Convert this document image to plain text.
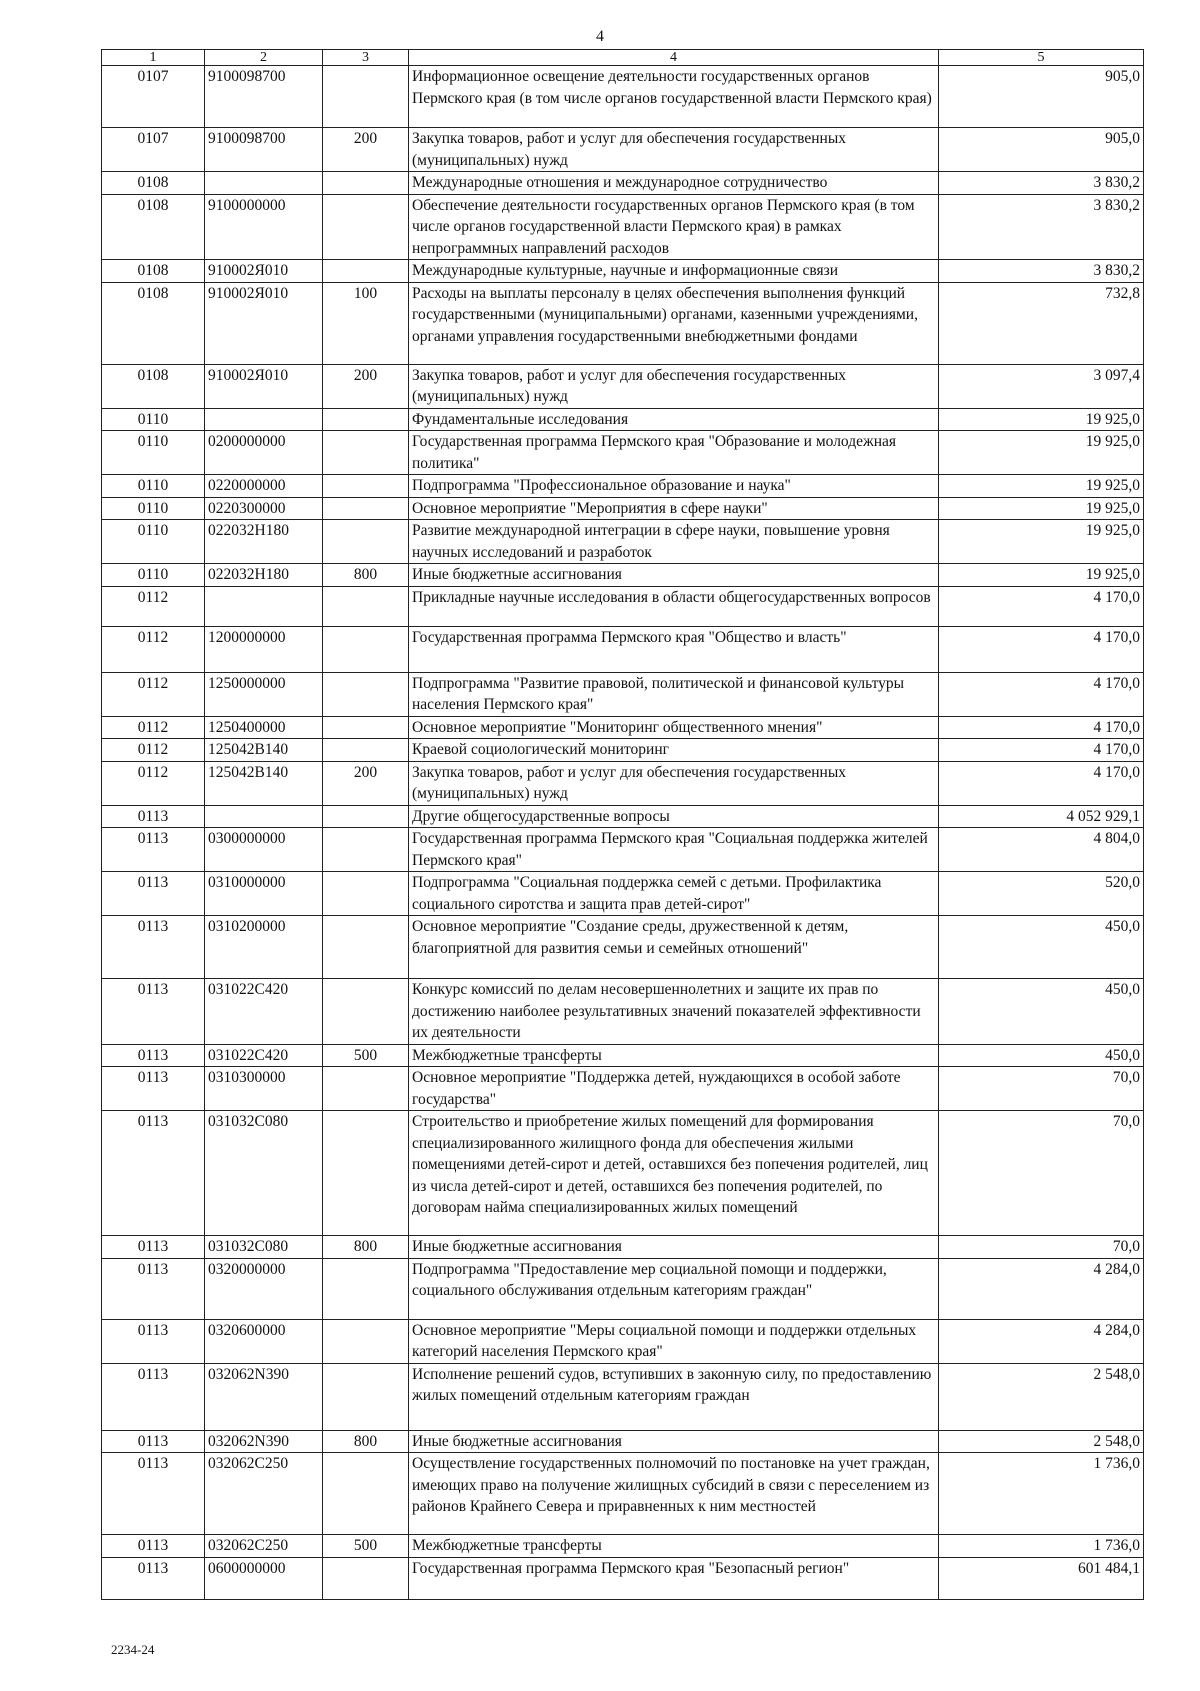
4
1	2	3	4	5
0107	9100098700		Информационное освещение деятельности государственных органов Пермского края (в том числе органов государственной власти Пермского края)	905,0
0107	9100098700	200	Закупка товаров, работ и услуг для обеспечения государственных (муниципальных) нужд	905,0
0108			Международные отношения и международное сотрудничество	3 830,2
0108	9100000000		Обеспечение деятельности государственных органов Пермского края (в том числе органов государственной власти Пермского края) в рамках непрограммных направлений расходов	3 830,2
0108	910002Я010		Международные культурные, научные и информационные связи	3 830,2
0108	910002Я010	100	Расходы на выплаты персоналу в целях обеспечения выполнения функций государственными (муниципальными) органами, казенными учреждениями, органами управления государственными внебюджетными фондами	732,8
0108	910002Я010	200	Закупка товаров, работ и услуг для обеспечения государственных (муниципальных) нужд	3 097,4
0110			Фундаментальные исследования	19 925,0
0110	0200000000		Государственная программа Пермского края "Образование и молодежная политика"	19 925,0
0110	0220000000		Подпрограмма "Профессиональное образование и наука"	19 925,0
0110	0220300000		Основное мероприятие "Мероприятия в сфере науки"	19 925,0
0110	022032Н180		Развитие международной интеграции в сфере науки, повышение уровня научных исследований и разработок	19 925,0
0110	022032Н180	800	Иные бюджетные ассигнования	19 925,0
0112			Прикладные научные исследования в области общегосударственных вопросов	4 170,0
0112	1200000000		Государственная программа Пермского края "Общество и власть"	4 170,0
0112	1250000000		Подпрограмма "Развитие правовой, политической и финансовой культуры населения Пермского края"	4 170,0
0112	1250400000		Основное мероприятие "Мониторинг общественного мнения"	4 170,0
0112	125042В140		Краевой социологический мониторинг	4 170,0
0112	125042В140	200	Закупка товаров, работ и услуг для обеспечения государственных (муниципальных) нужд	4 170,0
0113			Другие общегосударственные вопросы	4 052 929,1
0113	0300000000		Государственная программа Пермского края "Социальная поддержка жителей Пермского края"	4 804,0
0113	0310000000		Подпрограмма "Социальная поддержка семей с детьми. Профилактика социального сиротства и защита прав детей-сирот"	520,0
0113	0310200000		Основное мероприятие "Создание среды, дружественной к детям, благоприятной для развития семьи и семейных отношений"	450,0
0113	031022С420		Конкурс комиссий по делам несовершеннолетних и защите их прав по достижению наиболее результативных значений показателей эффективности их деятельности	450,0
0113	031022С420	500	Межбюджетные трансферты	450,0
0113	0310300000		Основное мероприятие "Поддержка детей, нуждающихся в особой заботе государства"	70,0
0113	031032С080		Строительство и приобретение жилых помещений для формирования специализированного жилищного фонда для обеспечения жилыми помещениями детей-сирот и детей, оставшихся без попечения родителей, лиц из числа детей-сирот и детей, оставшихся без попечения родителей, по договорам найма специализированных жилых помещений	70,0
0113	031032С080	800	Иные бюджетные ассигнования	70,0
0113	0320000000		Подпрограмма "Предоставление мер социальной помощи и поддержки, социального обслуживания отдельным категориям граждан"	4 284,0
0113	0320600000		Основное мероприятие "Меры социальной помощи и поддержки отдельных категорий населения Пермского края"	4 284,0
0113	032062N390		Исполнение решений судов, вступивших в законную силу, по предоставлению жилых помещений отдельным категориям граждан	2 548,0
0113	032062N390	800	Иные бюджетные ассигнования	2 548,0
0113	032062С250		Осуществление государственных полномочий по постановке на учет граждан, имеющих право на получение жилищных субсидий в связи с переселением из районов Крайнего Севера и приравненных к ним местностей	1 736,0
0113	032062С250	500	Межбюджетные трансферты	1 736,0
0113	0600000000		Государственная программа Пермского края "Безопасный регион"	601 484,1
2234-24
